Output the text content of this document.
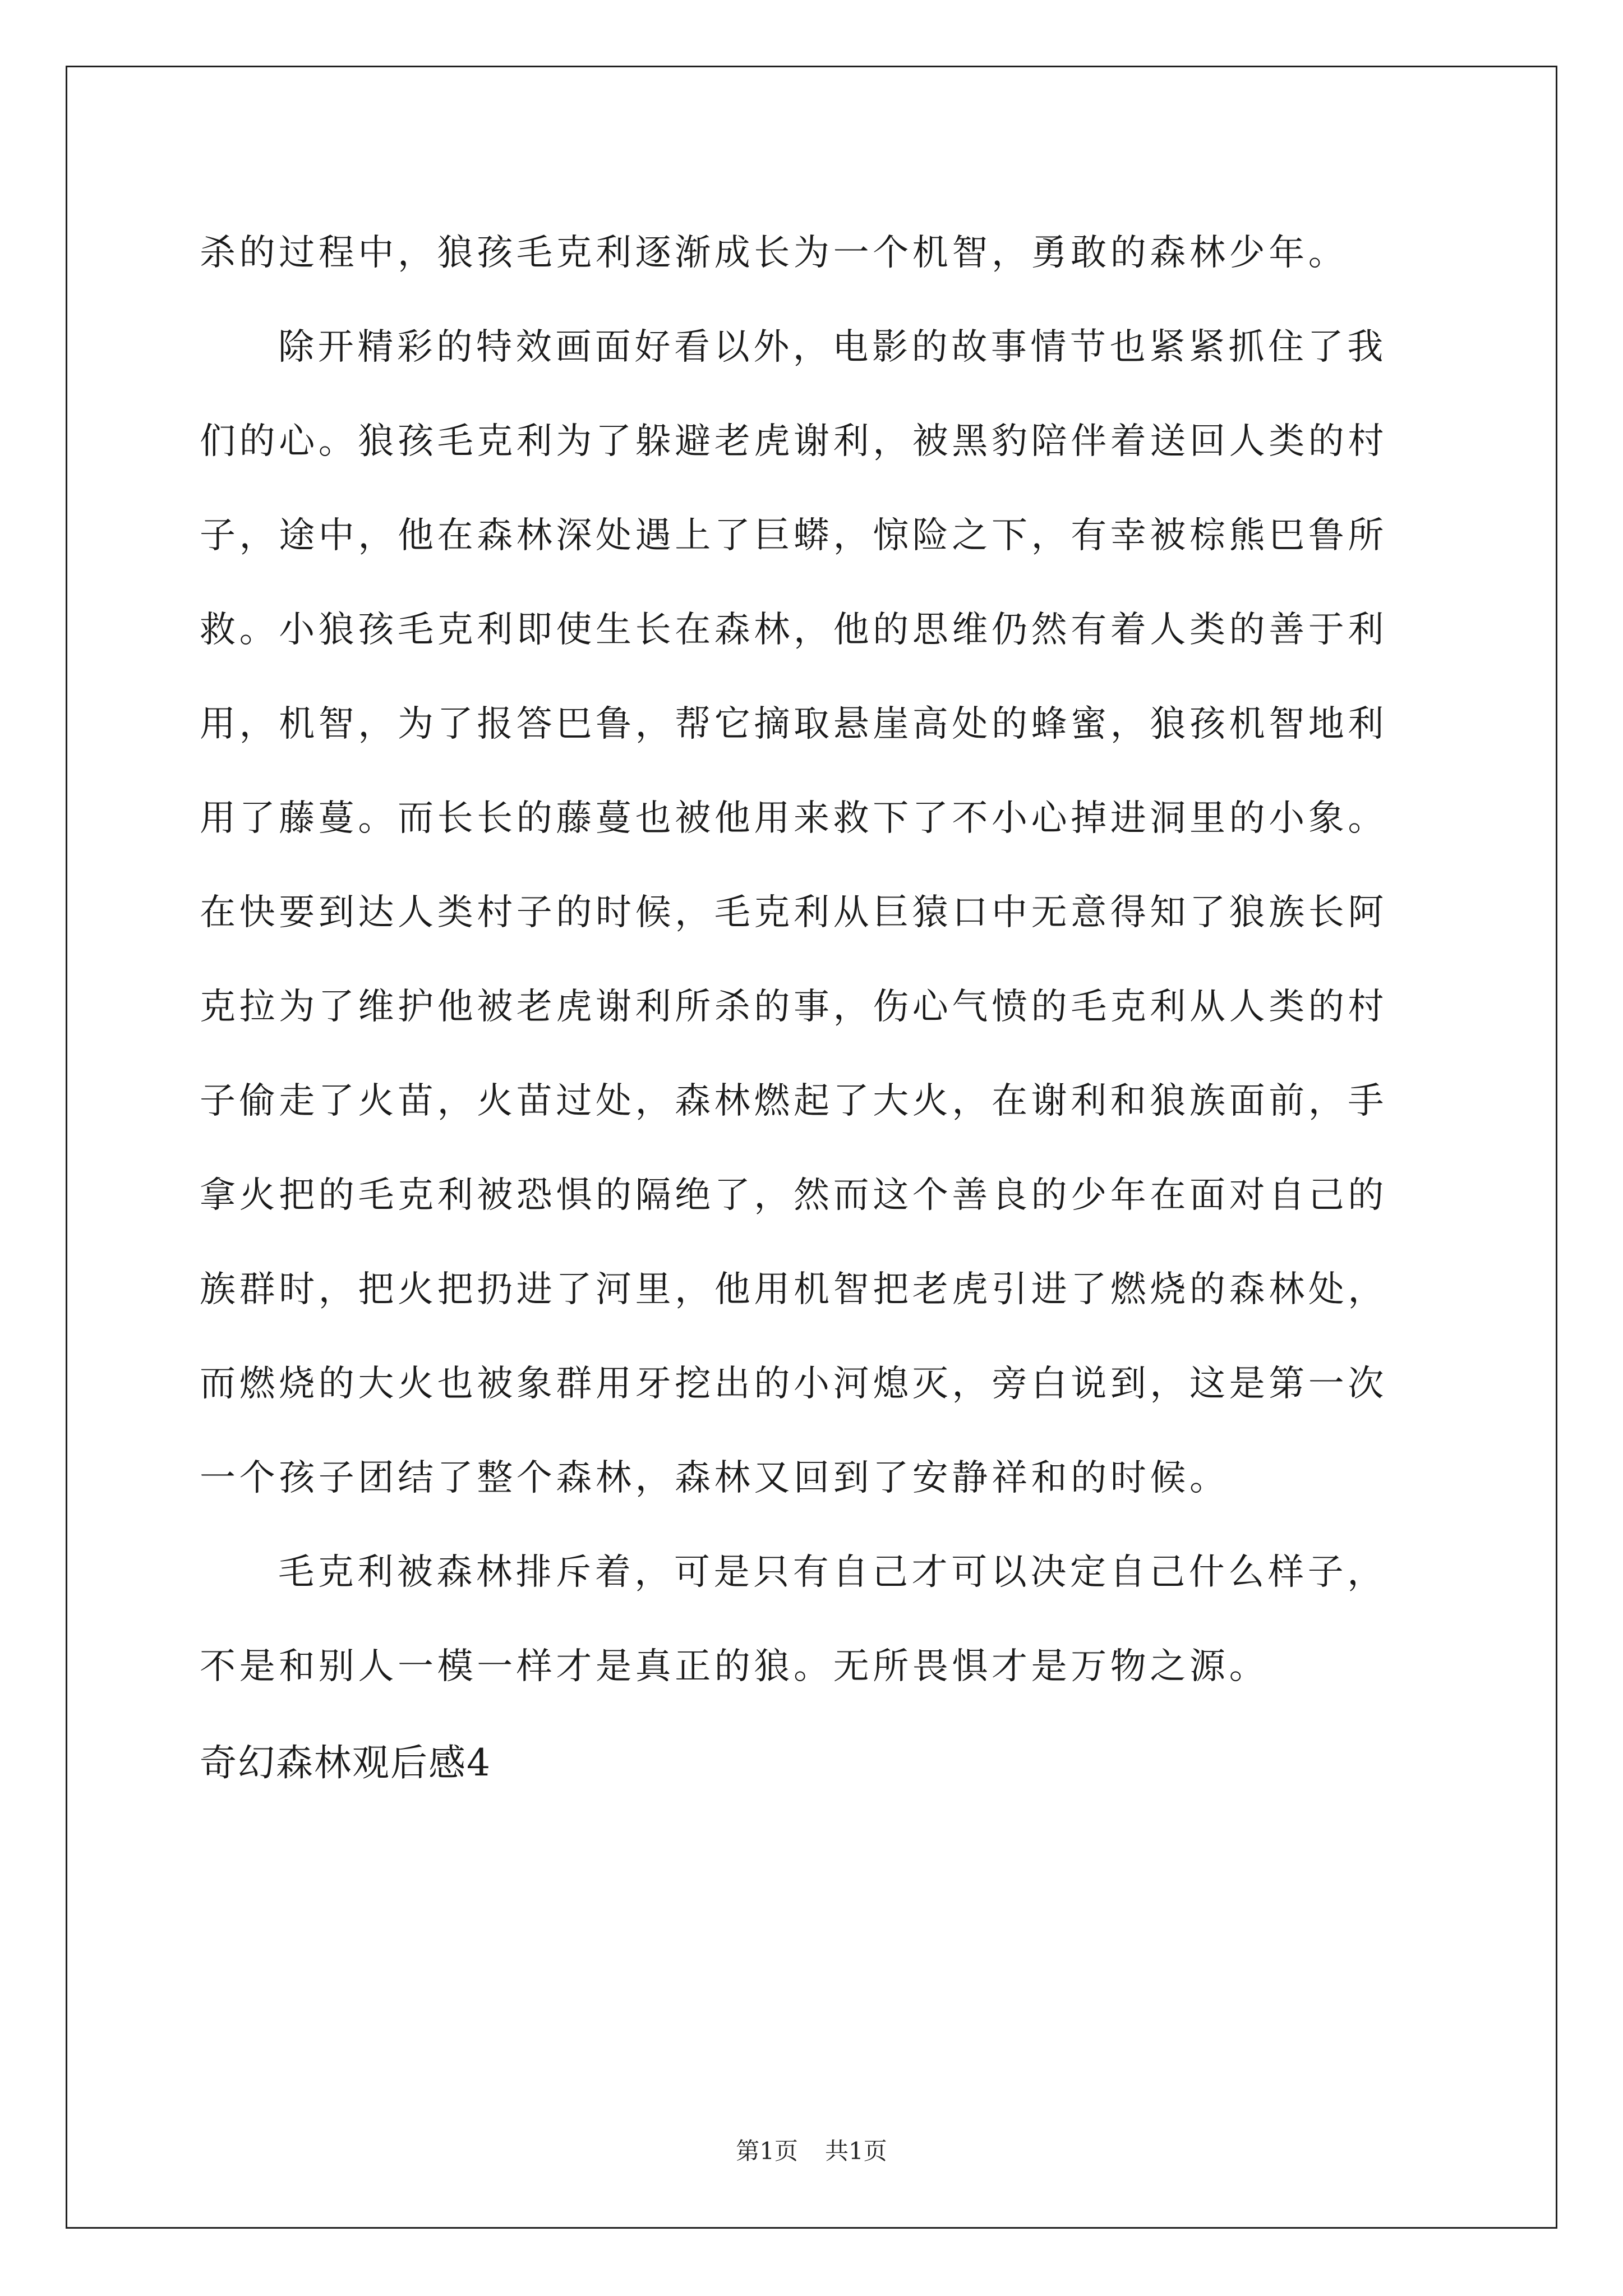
杀的过程中，狼孩毛克利逐渐成长为一个机智，勇敢的森林少年。
除开精彩的特效画面好看以外，电影的故事情节也紧紧抓住了我
们的心。狼孩毛克利为了躲避老虎谢利，被黑豹陪伴着送回人类的村
子，途中，他在森林深处遇上了巨蟒，惊险之下，有幸被棕熊巴鲁所
救。小狼孩毛克利即使生长在森林，他的思维仍然有着人类的善于利
用，机智，为了报答巴鲁，帮它摘取悬崖高处的蜂蜜，狼孩机智地利
用了藤蔓。而长长的藤蔓也被他用来救下了不小心掉进洞里的小象。
在快要到达人类村子的时候，毛克利从巨猿口中无意得知了狼族长阿
克拉为了维护他被老虎谢利所杀的事，伤心气愤的毛克利从人类的村
子偷走了火苗，火苗过处，森林燃起了大火，在谢利和狼族面前，手
拿火把的毛克利被恐惧的隔绝了，然而这个善良的少年在面对自己的
族群时，把火把扔进了河里，他用机智把老虎引进了燃烧的森林处，
而燃烧的大火也被象群用牙挖出的小河熄灭，旁白说到，这是第一次
一个孩子团结了整个森林，森林又回到了安静祥和的时候。
毛克利被森林排斥着，可是只有自己才可以决定自己什么样子，
不是和别人一模一样才是真正的狼。无所畏惧才是万物之源。
奇幻森林观后感4
第1页 共1页
